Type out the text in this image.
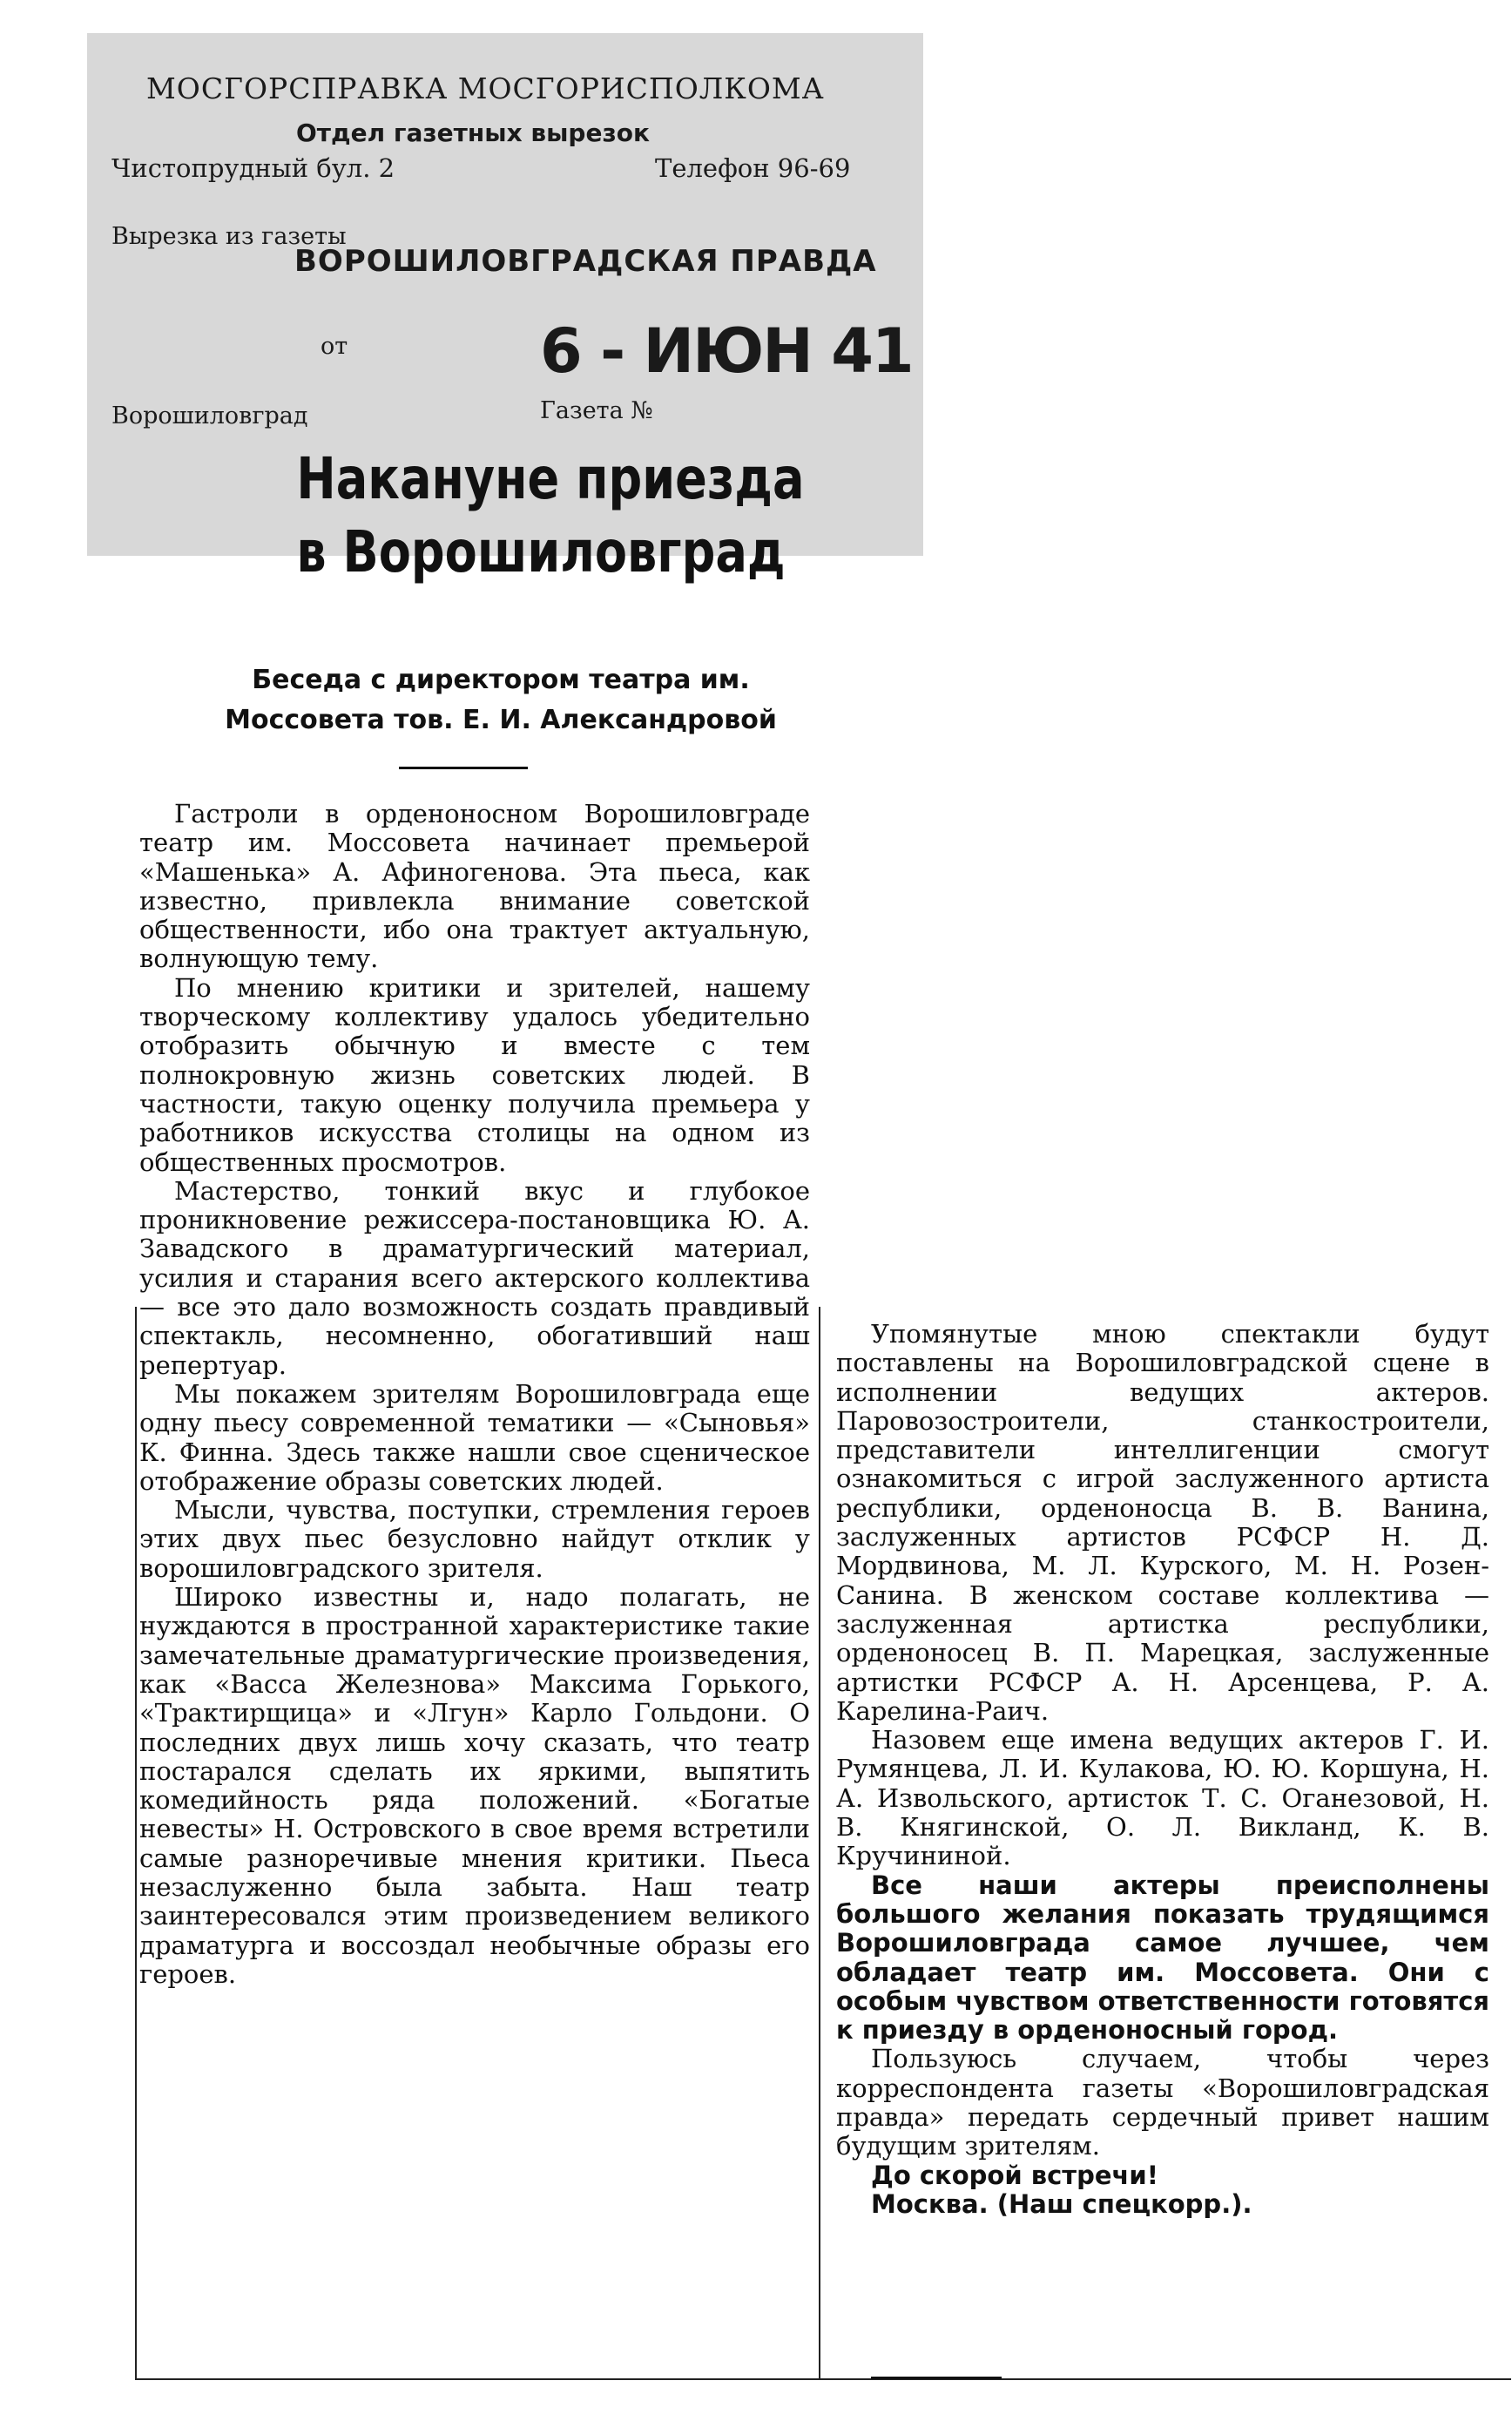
МОСГОРСПРАВКА МОСГОРИСПОЛКОМА
Отдел газетных вырезок
Чистопрудный бул. 2	Телефон 96-69
Вырезка из газеты
ВОРОШИЛОВГРАДСКАЯ ПРАВДА
от	6 - ИЮН 41
Ворошиловград	Газета №
Накануне приезда
в Ворошиловград
Беседа с директором театра им.
Моссовета тов. Е. И. Александровой

Гастроли в орденоносном Ворошиловграде театр им. Моссовета начинает премьерой «Машенька» А. Афиногенова. Эта пьеса, как известно, привлекла внимание советской общественности, ибо она трактует актуальную, волнующую тему.

По мнению критики и зрителей, нашему творческому коллективу удалось убедительно отобразить обычную и вместе с тем полнокровную жизнь советских людей. В частности, такую оценку получила премьера у работников искусства столицы на одном из общественных просмотров.

Мастерство, тонкий вкус и глубокое проникновение режиссера-постановщика Ю. А. Завадского в драматургический материал, усилия и старания всего актерского коллектива — все это дало возможность создать правдивый спектакль, несомненно, обогативший наш репертуар.

Мы покажем зрителям Ворошиловграда еще одну пьесу современной тематики — «Сыновья» К. Финна. Здесь также нашли свое сценическое отображение образы советских людей.

Мысли, чувства, поступки, стремления героев этих двух пьес безусловно найдут отклик у ворошиловградского зрителя.

Широко известны и, надо полагать, не нуждаются в пространной характеристике такие замечательные драматургические произведения, как «Васса Железнова» Максима Горького, «Трактирщица» и «Лгун» Карло Гольдони. О последних двух лишь хочу сказать, что театр постарался сделать их яркими, выпятить комедийность ряда положений. «Богатые невесты» Н. Островского в свое время встретили самые разноречивые мнения критики. Пьеса незаслуженно была забыта. Наш театр заинтересовался этим произведением великого драматурга и воссоздал необычные образы его героев.

Упомянутые мною спектакли будут поставлены на Ворошиловградской сцене в исполнении ведущих актеров. Паровозостроители, станкостроители, представители интеллигенции смогут ознакомиться с игрой заслуженного артиста республики, орденоносца В. В. Ванина, заслуженных артистов РСФСР Н. Д. Мордвинова, М. Л. Курского, М. Н. Розен-Санина. В женском составе коллектива — заслуженная артистка республики, орденоносец В. П. Марецкая, заслуженные артистки РСФСР А. Н. Арсенцева, Р. А. Карелина-Раич.

Назовем еще имена ведущих актеров Г. И. Румянцева, Л. И. Кулакова, Ю. Ю. Коршуна, Н. А. Извольского, артисток Т. С. Оганезовой, Н. В. Княгинской, О. Л. Викланд, К. В. Кручининой.

Все наши актеры преисполнены большого желания показать трудящимся Ворошиловграда самое лучшее, чем обладает театр им. Моссовета. Они с особым чувством ответственности готовятся к приезду в орденоносный город.

Пользуюсь случаем, чтобы через корреспондента газеты «Ворошиловградская правда» передать сердечный привет нашим будущим зрителям.

До скорой встречи!

Москва. (Наш спецкорр.).
